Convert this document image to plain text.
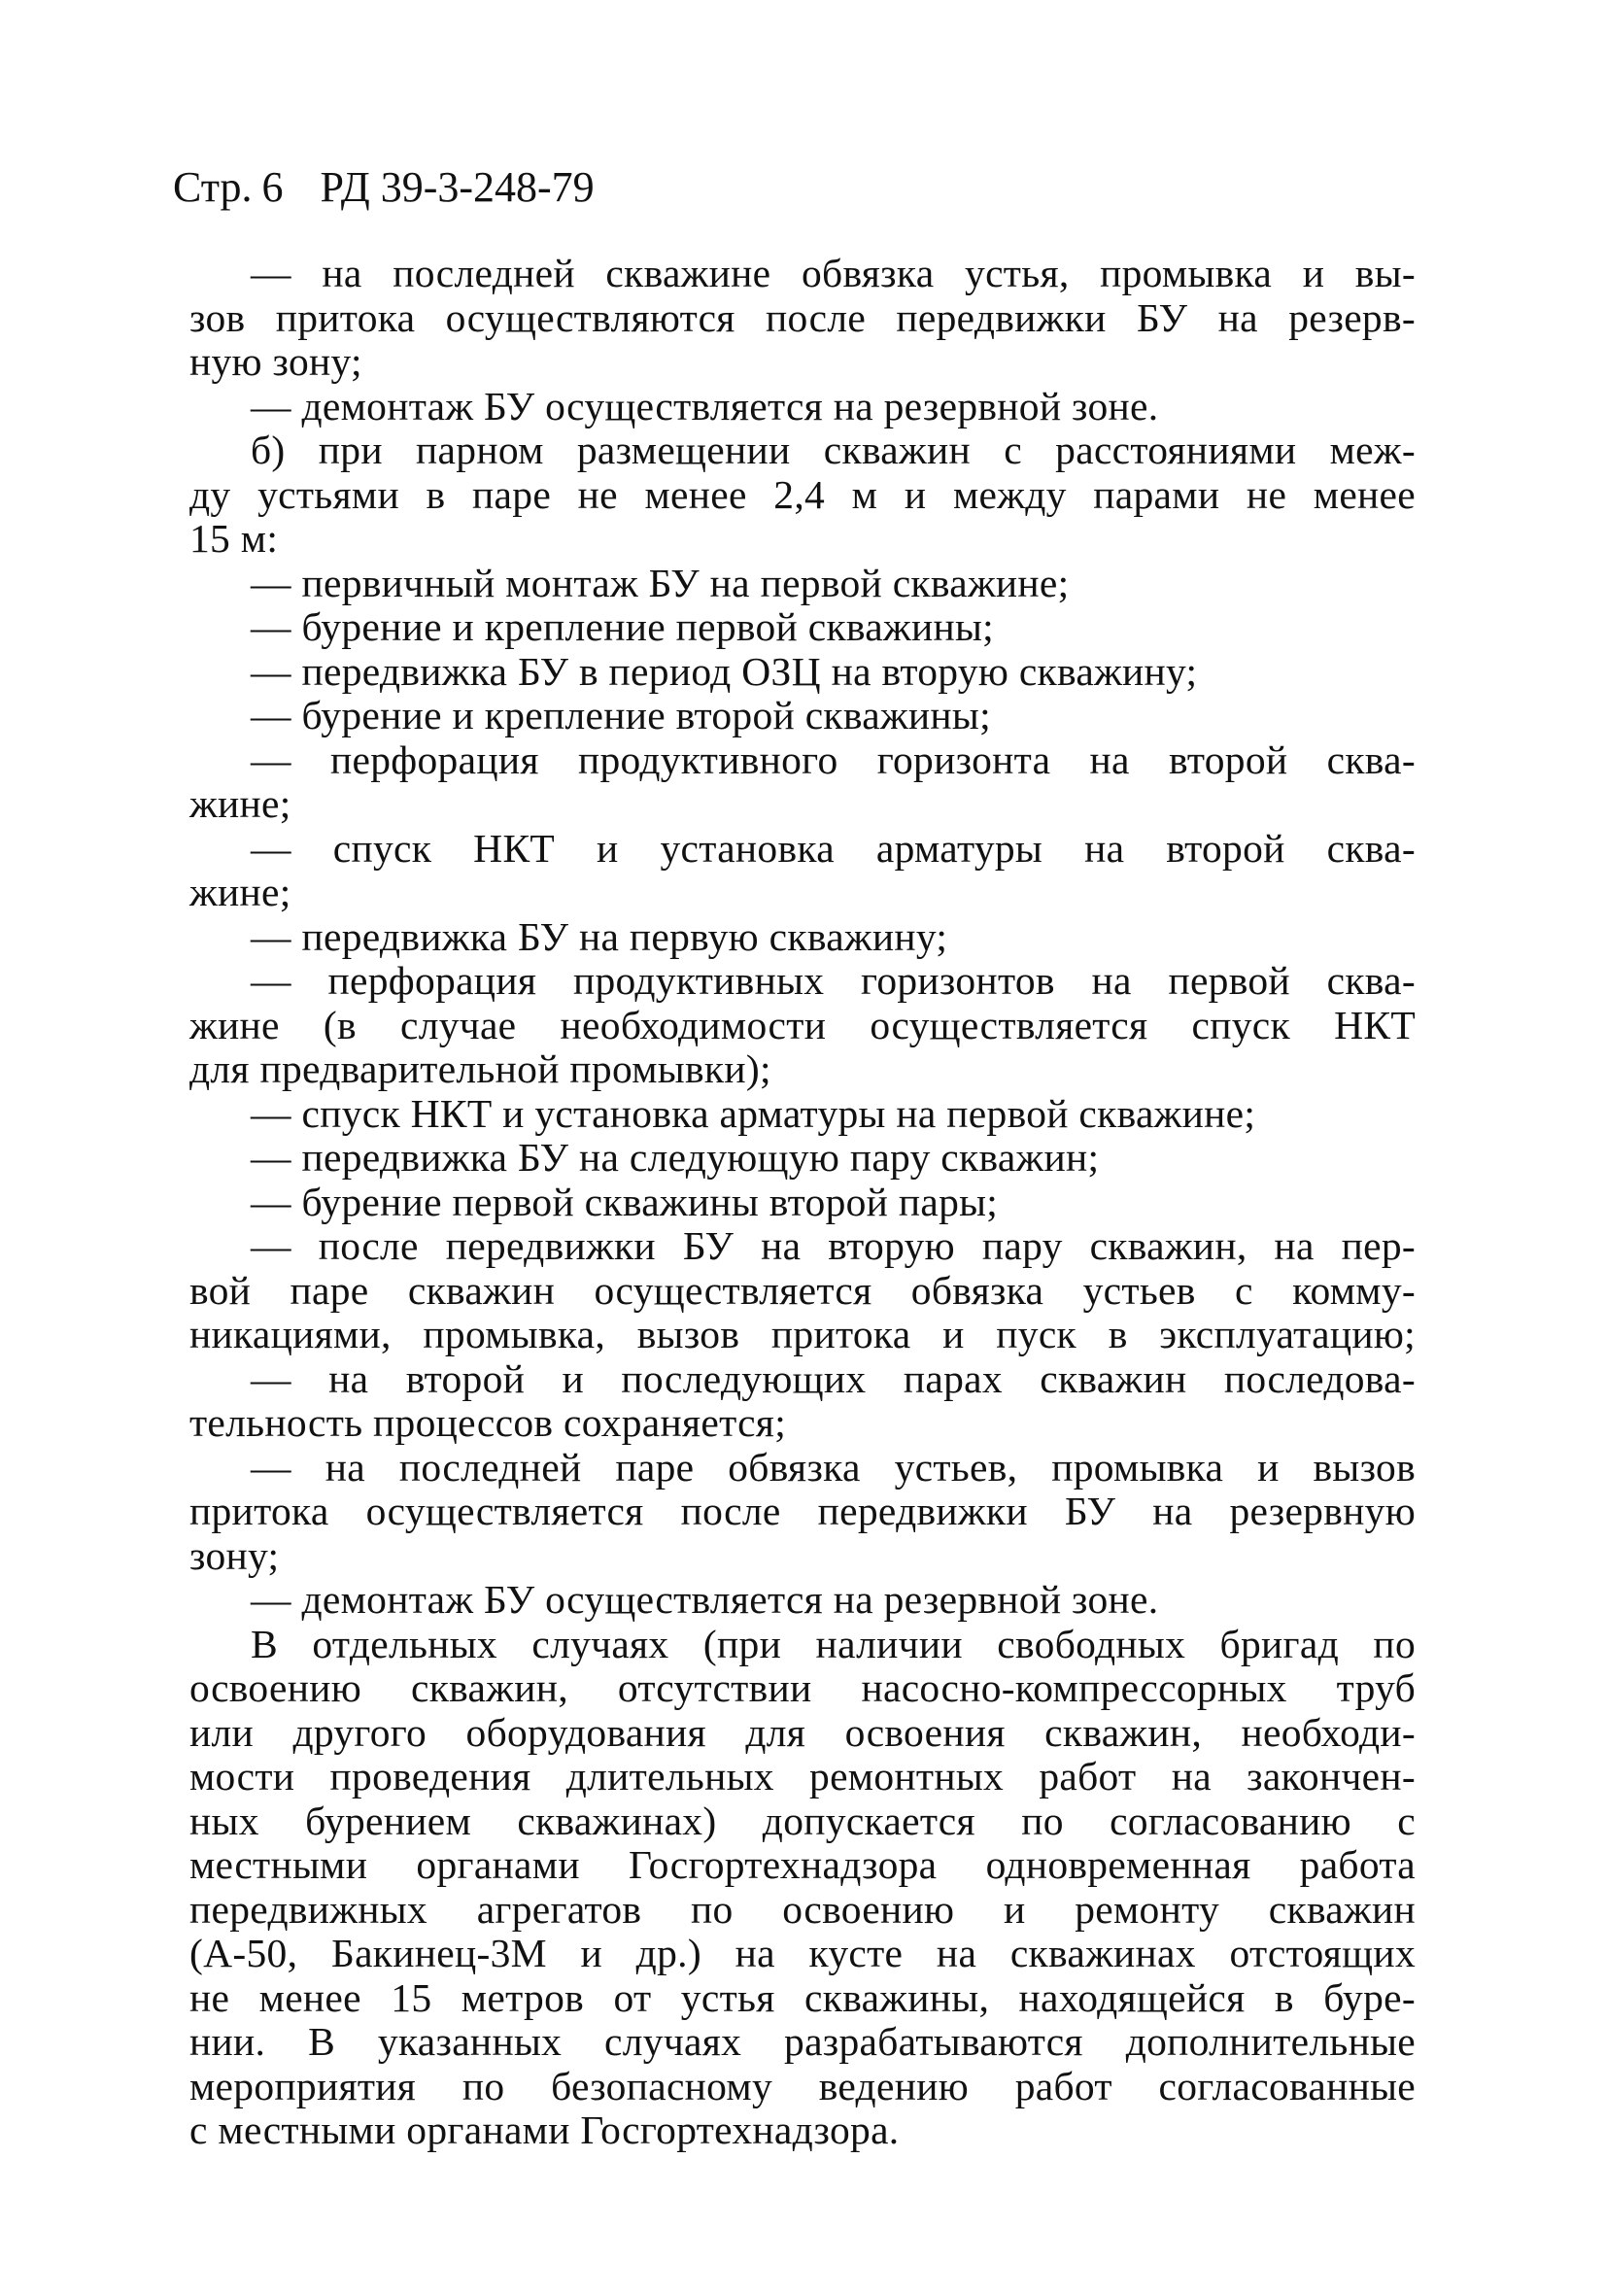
Стр. 6 РД 39-3-248-79
— на последней скважине обвязка устья, промывка и вы-
зов притока осуществляются после передвижки БУ на резерв-
ную зону;
— демонтаж БУ осуществляется на резервной зоне.
б) при парном размещении скважин с расстояниями меж-
ду устьями в паре не менее 2,4 м и между парами не менее
15 м:
— первичный монтаж БУ на первой скважине;
— бурение и крепление первой скважины;
— передвижка БУ в период ОЗЦ на вторую скважину;
— бурение и крепление второй скважины;
— перфорация продуктивного горизонта на второй сква-
жине;
— спуск НКТ и установка арматуры на второй сква-
жине;
— передвижка БУ на первую скважину;
— перфорация продуктивных горизонтов на первой сква-
жине (в случае необходимости осуществляется спуск НКТ
для предварительной промывки);
— спуск НКТ и установка арматуры на первой скважине;
— передвижка БУ на следующую пару скважин;
— бурение первой скважины второй пары;
— после передвижки БУ на вторую пару скважин, на пер-
вой паре скважин осуществляется обвязка устьев с комму-
никациями, промывка, вызов притока и пуск в эксплуатацию;
— на второй и последующих парах скважин последова-
тельность процессов сохраняется;
— на последней паре обвязка устьев, промывка и вызов
притока осуществляется после передвижки БУ на резервную
зону;
— демонтаж БУ осуществляется на резервной зоне.
В отдельных случаях (при наличии свободных бригад по
освоению скважин, отсутствии насосно-компрессорных труб
или другого оборудования для освоения скважин, необходи-
мости проведения длительных ремонтных работ на закончен-
ных бурением скважинах) допускается по согласованию с
местными органами Госгортехнадзора одновременная работа
передвижных агрегатов по освоению и ремонту скважин
(А-50, Бакинец-3М и др.) на кусте на скважинах отстоящих
не менее 15 метров от устья скважины, находящейся в буре-
нии. В указанных случаях разрабатываются дополнительные
мероприятия по безопасному ведению работ согласованные
с местными органами Госгортехнадзора.
